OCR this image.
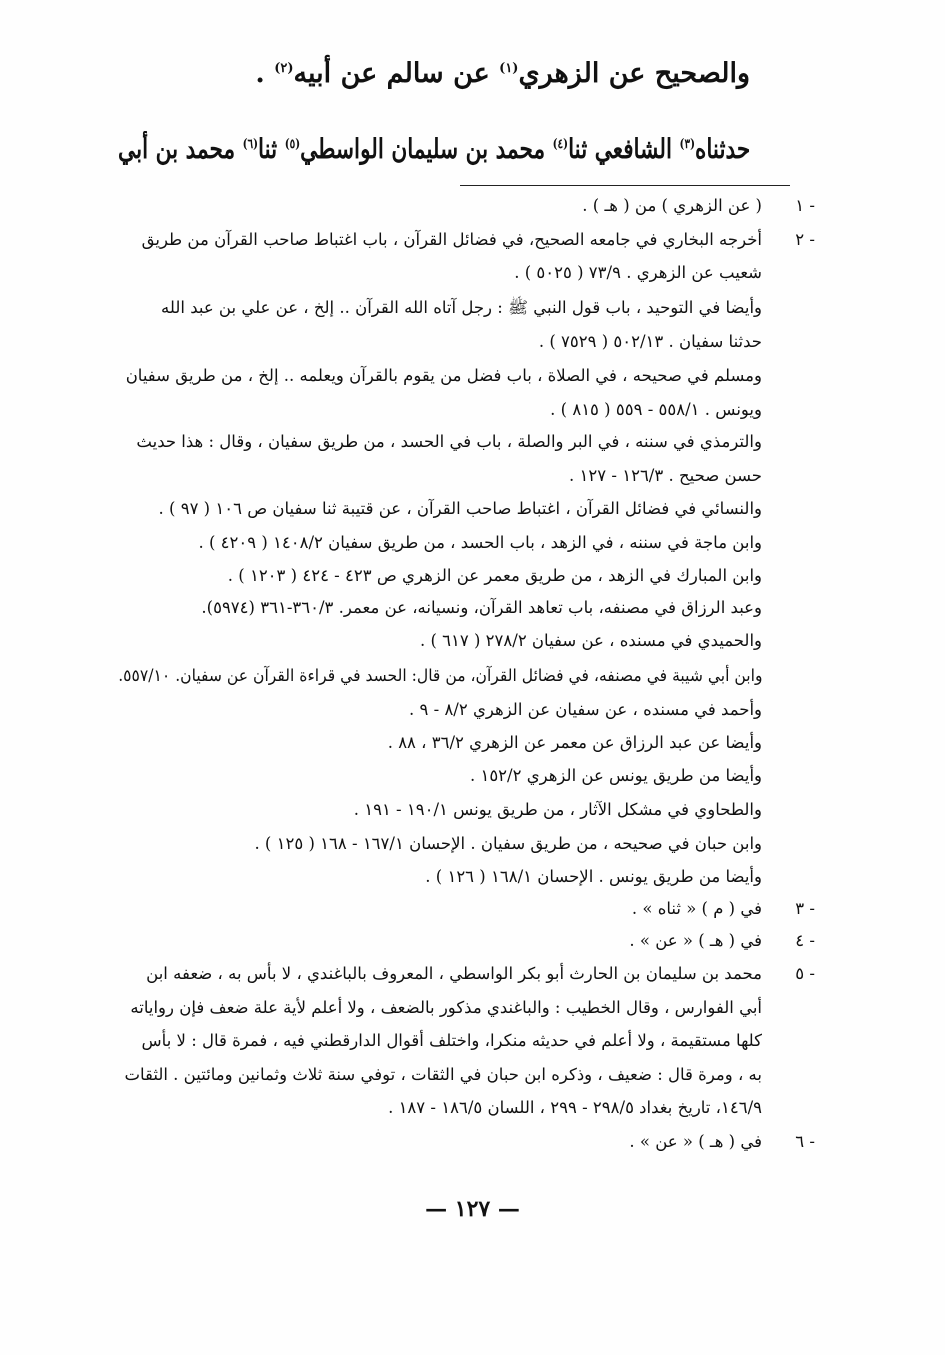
والصحيح عن الزهري$^{(١)}$ عن سالم عن أبيه$^{(٢)}$ .
حدثناه$^{(٣)}$ الشافعي ثنا$^{(٤)}$ محمد بن سليمان الواسطي$^{(٥)}$ ثنا$^{(٦)}$ محمد بن أبي
١ -
( عن الزهري ) من ( هـ ) .
٢ -
أخرجه البخاري في جامعه الصحيح، في فضائل القرآن ، باب اغتباط صاحب القرآن من طريق
شعيب عن الزهري . ٧٣/٩ ( ٥٠٢٥ ) .
وأيضا في التوحيد ، باب قول النبي ﷺ : رجل آتاه الله القرآن .. إلخ ، عن علي بن عبد الله
حدثنا سفيان . ٥٠٢/١٣ ( ٧٥٢٩ ) .
ومسلم في صحيحه ، في الصلاة ، باب فضل من يقوم بالقرآن ويعلمه .. إلخ ، من طريق سفيان
ويونس . ٥٥٨/١ - ٥٥٩ ( ٨١٥ ) .
والترمذي في سننه ، في البر والصلة ، باب في الحسد ، من طريق سفيان ، وقال : هذا حديث
حسن صحيح . ١٢٦/٣ - ١٢٧ .
والنسائي في فضائل القرآن ، اغتباط صاحب القرآن ، عن قتيبة ثنا سفيان ص ١٠٦ ( ٩٧ ) .
وابن ماجة في سننه ، في الزهد ، باب الحسد ، من طريق سفيان ١٤٠٨/٢ ( ٤٢٠٩ ) .
وابن المبارك في الزهد ، من طريق معمر عن الزهري ص ٤٢٣ - ٤٢٤ ( ١٢٠٣ ) .
وعبد الرزاق في مصنفه، باب تعاهد القرآن، ونسيانه، عن معمر. ٣٦٠/٣-٣٦١ (٥٩٧٤).
والحميدي في مسنده ، عن سفيان ٢٧٨/٢ ( ٦١٧ ) .
وابن أبي شيبة في مصنفه، في فضائل القرآن، من قال: الحسد في قراءة القرآن عن سفيان. ٥٥٧/١٠.
وأحمد في مسنده ، عن سفيان عن الزهري ٨/٢ - ٩ .
وأيضا عن عبد الرزاق عن معمر عن الزهري ٣٦/٢ ، ٨٨ .
وأيضا من طريق يونس عن الزهري ١٥٢/٢ .
والطحاوي في مشكل الآثار ، من طريق يونس ١٩٠/١ - ١٩١ .
وابن حبان في صحيحه ، من طريق سفيان . الإحسان ١٦٧/١ - ١٦٨ ( ١٢٥ ) .
وأيضا من طريق يونس . الإحسان ١٦٨/١ ( ١٢٦ ) .
٣ -
في ( م ) « ثناه » .
٤ -
في ( هـ ) « عن » .
٥ -
محمد بن سليمان بن الحارث أبو بكر الواسطي ، المعروف بالباغندي ، لا بأس به ، ضعفه ابن
أبي الفوارس ، وقال الخطيب : والباغندي مذكور بالضعف ، ولا أعلم لأية علة ضعف فإن رواياته
كلها مستقيمة ، ولا أعلم في حديثه منكرا، واختلف أقوال الدارقطني فيه ، فمرة قال : لا بأس
به ، ومرة قال : ضعيف ، وذكره ابن حبان في الثقات ، توفي سنة ثلاث وثمانين ومائتين . الثقات
١٤٦/٩، تاريخ بغداد ٢٩٨/٥ - ٢٩٩ ، اللسان ١٨٦/٥ - ١٨٧ .
٦ -
في ( هـ ) « عن » .
— ١٢٧ —
